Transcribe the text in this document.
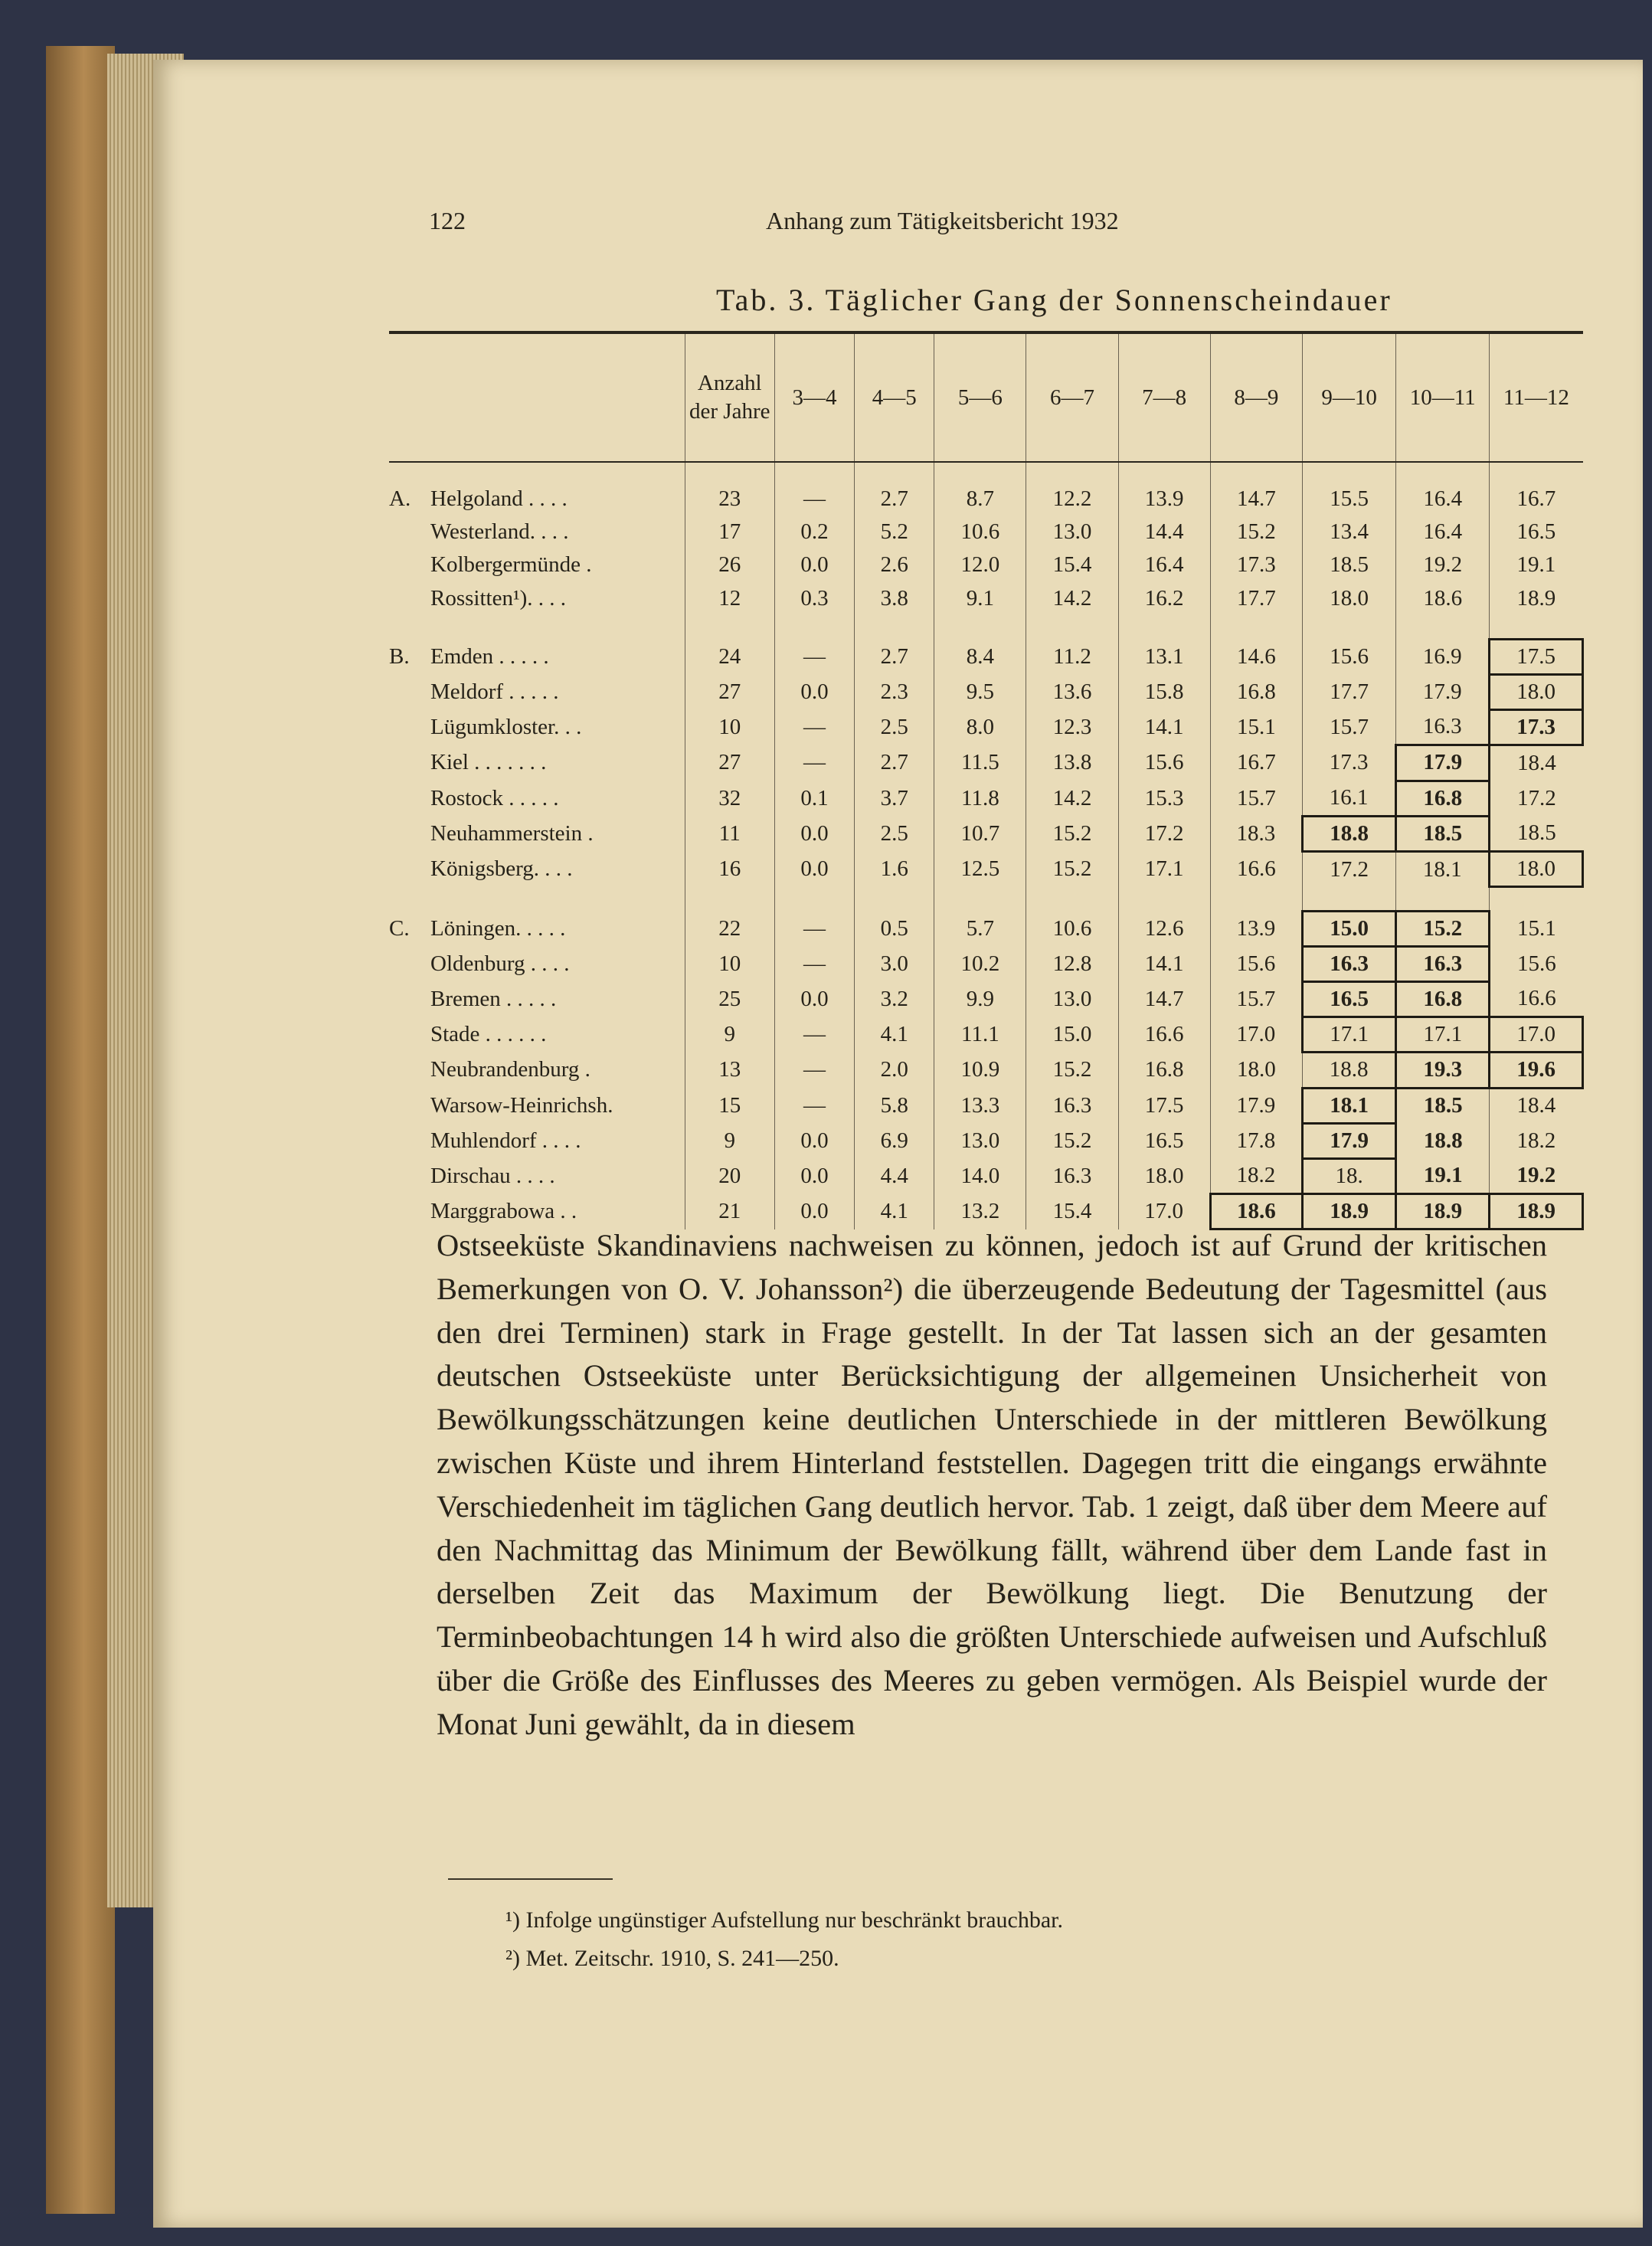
122	Anhang zum Tätigkeitsbericht 1932
Tab. 3. Täglicher Gang der Sonnenscheindauer
	Anzahl der Jahre	3—4	4—5	5—6	6—7	7—8	8—9	9—10	10—11	11—12

A. Helgoland . . . .	23	—	2.7	8.7	12.2	13.9	14.7	15.5	16.4	16.7
Westerland. . . .	17	0.2	5.2	10.6	13.0	14.4	15.2	13.4	16.4	16.5
Kolbergermünde .	26	0.0	2.6	12.0	15.4	16.4	17.3	18.5	19.2	19.1
Rossitten¹). . . .	12	0.3	3.8	9.1	14.2	16.2	17.7	18.0	18.6	18.9

B. Emden . . . . .	24	—	2.7	8.4	11.2	13.1	14.6	15.6	16.9	17.5
Meldorf . . . . .	27	0.0	2.3	9.5	13.6	15.8	16.8	17.7	17.9	18.0
Lügumkloster. . .	10	—	2.5	8.0	12.3	14.1	15.1	15.7	16.3	17.3
Kiel . . . . . . .	27	—	2.7	11.5	13.8	15.6	16.7	17.3	17.9	18.4
Rostock . . . . .	32	0.1	3.7	11.8	14.2	15.3	15.7	16.1	16.8	17.2
Neuhammerstein .	11	0.0	2.5	10.7	15.2	17.2	18.3	18.8	18.5	18.5
Königsberg. . . .	16	0.0	1.6	12.5	15.2	17.1	16.6	17.2	18.1	18.0

C. Löningen. . . . .	22	—	0.5	5.7	10.6	12.6	13.9	15.0	15.2	15.1
Oldenburg . . . .	10	—	3.0	10.2	12.8	14.1	15.6	16.3	16.3	15.6
Bremen . . . . .	25	0.0	3.2	9.9	13.0	14.7	15.7	16.5	16.8	16.6
Stade . . . . . .	9	—	4.1	11.1	15.0	16.6	17.0	17.1	17.1	17.0
Neubrandenburg .	13	—	2.0	10.9	15.2	16.8	18.0	18.8	19.3	19.6
Warsow-Heinrichsh.	15	—	5.8	13.3	16.3	17.5	17.9	18.1	18.5	18.4
Muhlendorf . . . .	9	0.0	6.9	13.0	15.2	16.5	17.8	17.9	18.8	18.2
Dirschau . . . .	20	0.0	4.4	14.0	16.3	18.0	18.2	18.	19.1	19.2
Marggrabowa . .	21	0.0	4.1	13.2	15.4	17.0	18.6	18.9	18.9	18.9

Ostseeküste Skandinaviens nachweisen zu können, jedoch ist auf Grund der kritischen Bemerkungen von O. V. Johansson²) die überzeugende Bedeutung der Tagesmittel (aus den drei Terminen) stark in Frage gestellt. In der Tat lassen sich an der gesamten deutschen Ostseeküste unter Berücksichtigung der allgemeinen Unsicherheit von Bewölkungsschätzungen keine deutlichen Unterschiede in der mittleren Bewölkung zwischen Küste und ihrem Hinterland feststellen. Dagegen tritt die eingangs erwähnte Verschiedenheit im täglichen Gang deutlich hervor. Tab. 1 zeigt, daß über dem Meere auf den Nachmittag das Minimum der Bewölkung fällt, während über dem Lande fast in derselben Zeit das Maximum der Bewölkung liegt. Die Benutzung der Terminbeobachtungen 14 h wird also die größten Unterschiede aufweisen und Aufschluß über die Größe des Einflusses des Meeres zu geben vermögen. Als Beispiel wurde der Monat Juni gewählt, da in diesem

¹) Infolge ungünstiger Aufstellung nur beschränkt brauchbar.
²) Met. Zeitschr. 1910, S. 241—250.
